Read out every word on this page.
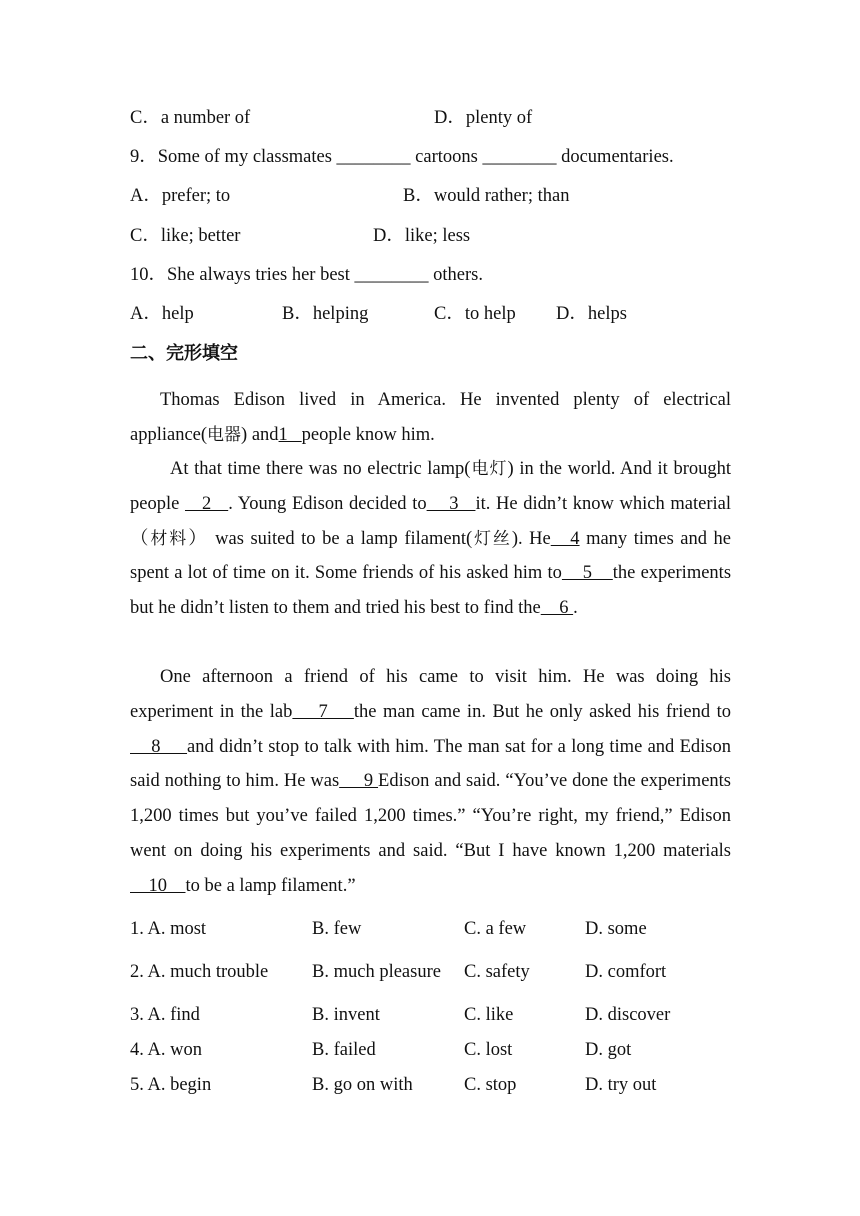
C．a number of	D．plenty of
9．Some of my classmates ________ cartoons ________ documentaries.
A．prefer; to	B．would rather; than
C．like; better	D．like; less
10．She always tries her best ________ others.
A．help	B．helping	C．to help D．helps
二、完形填空

Thomas Edison lived in America. He invented plenty of electrical appliance(电器) and1   people know him.

At that time there was no electric lamp(电灯) in the world. And it brought people    2   . Young Edison decided to    3   it. He didn’t know which material（材料） was suited to be a lamp filament(灯丝). He   4 many times and he spent a lot of time on it. Some friends of his asked him to    5    the experiments but he didn’t listen to them and tried his best to find the    6 .

One afternoon a friend of his came to visit him. He was doing his experiment in the lab    7    the man came in. But he only asked his friend to     8     and didn’t stop to talk with him. The man sat for a long time and Edison said nothing to him. He was     9 Edison and said. “You’ve done the experiments 1,200 times but you’ve failed 1,200 times.” “You’re right, my friend,” Edison went on doing his experiments and said. “But I have known 1,200 materials    10    to be a lamp filament.”

1. A. most	B. few	C. a few	D. some
2. A. much trouble B. much pleasure C. safety	D. comfort
3. A. find	B. invent	C. like	D. discover
4. A. won	B. failed	C. lost	D. got
5. A. begin	B. go on with	C. stop	D. try out
